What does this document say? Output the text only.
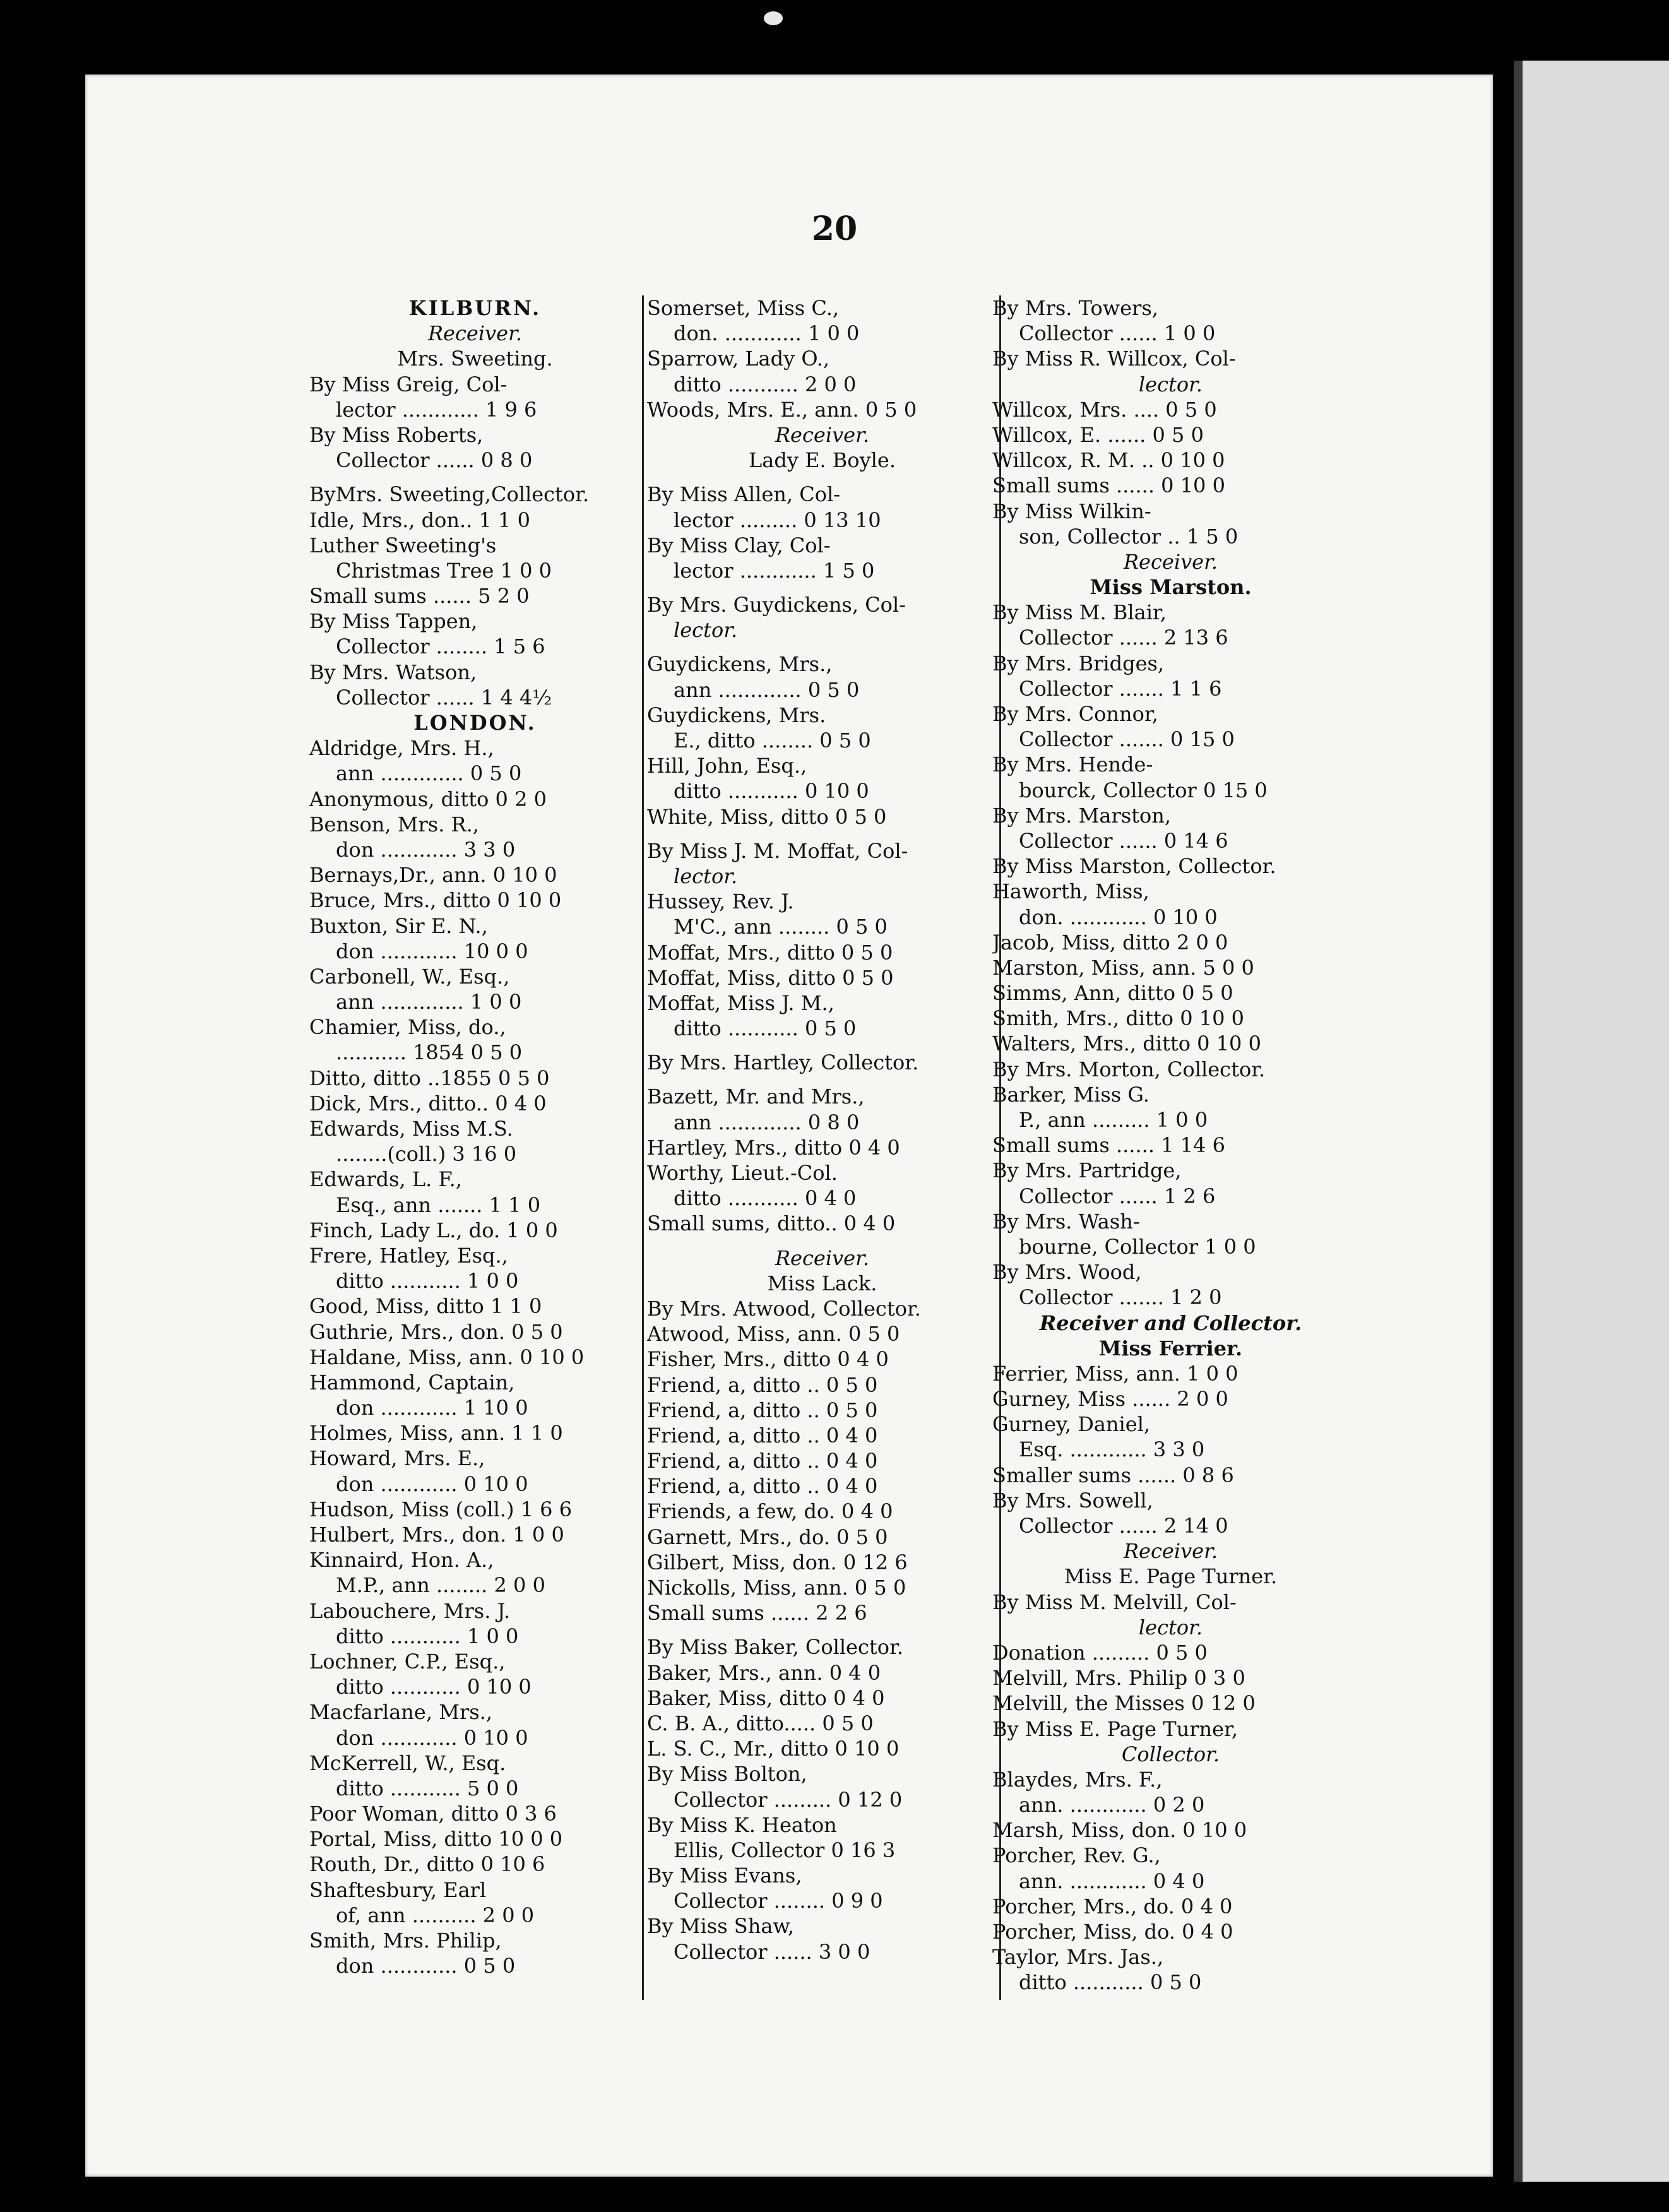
20
KILBURN.
Receiver.
Mrs. Sweeting.
By Miss Greig, Col-
lector ............ 1 9 6
By Miss Roberts,
Collector ...... 0 8 0
ByMrs. Sweeting,Collector.
Idle, Mrs., don.. 1 1 0
Luther Sweeting's
Christmas Tree 1 0 0
Small sums ...... 5 2 0
By Miss Tappen,
Collector ........ 1 5 6
By Mrs. Watson,
Collector ...... 1 4 4½
LONDON.
Aldridge, Mrs. H.,
ann ............. 0 5 0
Anonymous, ditto 0 2 0
Benson, Mrs. R.,
don ............ 3 3 0
Bernays,Dr., ann. 0 10 0
Bruce, Mrs., ditto 0 10 0
Buxton, Sir E. N.,
don ............ 10 0 0
Carbonell, W., Esq.,
ann ............. 1 0 0
Chamier, Miss, do.,
........... 1854 0 5 0
Ditto, ditto ..1855 0 5 0
Dick, Mrs., ditto.. 0 4 0
Edwards, Miss M.S.
........(coll.) 3 16 0
Edwards, L. F.,
Esq., ann ....... 1 1 0
Finch, Lady L., do. 1 0 0
Frere, Hatley, Esq.,
ditto ........... 1 0 0
Good, Miss, ditto 1 1 0
Guthrie, Mrs., don. 0 5 0
Haldane, Miss, ann. 0 10 0
Hammond, Captain,
don ............ 1 10 0
Holmes, Miss, ann. 1 1 0
Howard, Mrs. E.,
don ............ 0 10 0
Hudson, Miss (coll.) 1 6 6
Hulbert, Mrs., don. 1 0 0
Kinnaird, Hon. A.,
M.P., ann ........ 2 0 0
Labouchere, Mrs. J.
ditto ........... 1 0 0
Lochner, C.P., Esq.,
ditto ........... 0 10 0
Macfarlane, Mrs.,
don ............ 0 10 0
McKerrell, W., Esq.
ditto ........... 5 0 0
Poor Woman, ditto 0 3 6
Portal, Miss, ditto 10 0 0
Routh, Dr., ditto 0 10 6
Shaftesbury, Earl
of, ann .......... 2 0 0
Smith, Mrs. Philip,
don ............ 0 5 0
Somerset, Miss C.,
don. ............ 1 0 0
Sparrow, Lady O.,
ditto ........... 2 0 0
Woods, Mrs. E., ann. 0 5 0
Receiver.
Lady E. Boyle.
By Miss Allen, Col-
lector ......... 0 13 10
By Miss Clay, Col-
lector ............ 1 5 0
By Mrs. Guydickens, Col-
lector.
Guydickens, Mrs.,
ann ............. 0 5 0
Guydickens, Mrs.
E., ditto ........ 0 5 0
Hill, John, Esq.,
ditto ........... 0 10 0
White, Miss, ditto 0 5 0
By Miss J. M. Moffat, Col-
lector.
Hussey, Rev. J.
M'C., ann ........ 0 5 0
Moffat, Mrs., ditto 0 5 0
Moffat, Miss, ditto 0 5 0
Moffat, Miss J. M.,
ditto ........... 0 5 0
By Mrs. Hartley, Collector.
Bazett, Mr. and Mrs.,
ann ............. 0 8 0
Hartley, Mrs., ditto 0 4 0
Worthy, Lieut.-Col.
ditto ........... 0 4 0
Small sums, ditto.. 0 4 0
Receiver.
Miss Lack.
By Mrs. Atwood, Collector.
Atwood, Miss, ann. 0 5 0
Fisher, Mrs., ditto 0 4 0
Friend, a, ditto .. 0 5 0
Friend, a, ditto .. 0 5 0
Friend, a, ditto .. 0 4 0
Friend, a, ditto .. 0 4 0
Friend, a, ditto .. 0 4 0
Friends, a few, do. 0 4 0
Garnett, Mrs., do. 0 5 0
Gilbert, Miss, don. 0 12 6
Nickolls, Miss, ann. 0 5 0
Small sums ...... 2 2 6
By Miss Baker, Collector.
Baker, Mrs., ann. 0 4 0
Baker, Miss, ditto 0 4 0
C. B. A., ditto..... 0 5 0
L. S. C., Mr., ditto 0 10 0
By Miss Bolton,
Collector ......... 0 12 0
By Miss K. Heaton
Ellis, Collector 0 16 3
By Miss Evans,
Collector ........ 0 9 0
By Miss Shaw,
Collector ...... 3 0 0
By Mrs. Towers,
Collector ...... 1 0 0
By Miss R. Willcox, Col-
lector.
Willcox, Mrs. .... 0 5 0
Willcox, E. ...... 0 5 0
Willcox, R. M. .. 0 10 0
Small sums ...... 0 10 0
By Miss Wilkin-
son, Collector .. 1 5 0
Receiver.
Miss Marston.
By Miss M. Blair,
Collector ...... 2 13 6
By Mrs. Bridges,
Collector ....... 1 1 6
By Mrs. Connor,
Collector ....... 0 15 0
By Mrs. Hende-
bourck, Collector 0 15 0
By Mrs. Marston,
Collector ...... 0 14 6
By Miss Marston, Collector.
Haworth, Miss,
don. ............ 0 10 0
Jacob, Miss, ditto 2 0 0
Marston, Miss, ann. 5 0 0
Simms, Ann, ditto 0 5 0
Smith, Mrs., ditto 0 10 0
Walters, Mrs., ditto 0 10 0
By Mrs. Morton, Collector.
Barker, Miss G.
P., ann ......... 1 0 0
Small sums ...... 1 14 6
By Mrs. Partridge,
Collector ...... 1 2 6
By Mrs. Wash-
bourne, Collector 1 0 0
By Mrs. Wood,
Collector ....... 1 2 0
Receiver and Collector.
Miss Ferrier.
Ferrier, Miss, ann. 1 0 0
Gurney, Miss ...... 2 0 0
Gurney, Daniel,
Esq. ............ 3 3 0
Smaller sums ...... 0 8 6
By Mrs. Sowell,
Collector ...... 2 14 0
Receiver.
Miss E. Page Turner.
By Miss M. Melvill, Col-
lector.
Donation ......... 0 5 0
Melvill, Mrs. Philip 0 3 0
Melvill, the Misses 0 12 0
By Miss E. Page Turner,
Collector.
Blaydes, Mrs. F.,
ann. ............ 0 2 0
Marsh, Miss, don. 0 10 0
Porcher, Rev. G.,
ann. ............ 0 4 0
Porcher, Mrs., do. 0 4 0
Porcher, Miss, do. 0 4 0
Taylor, Mrs. Jas.,
ditto ........... 0 5 0
